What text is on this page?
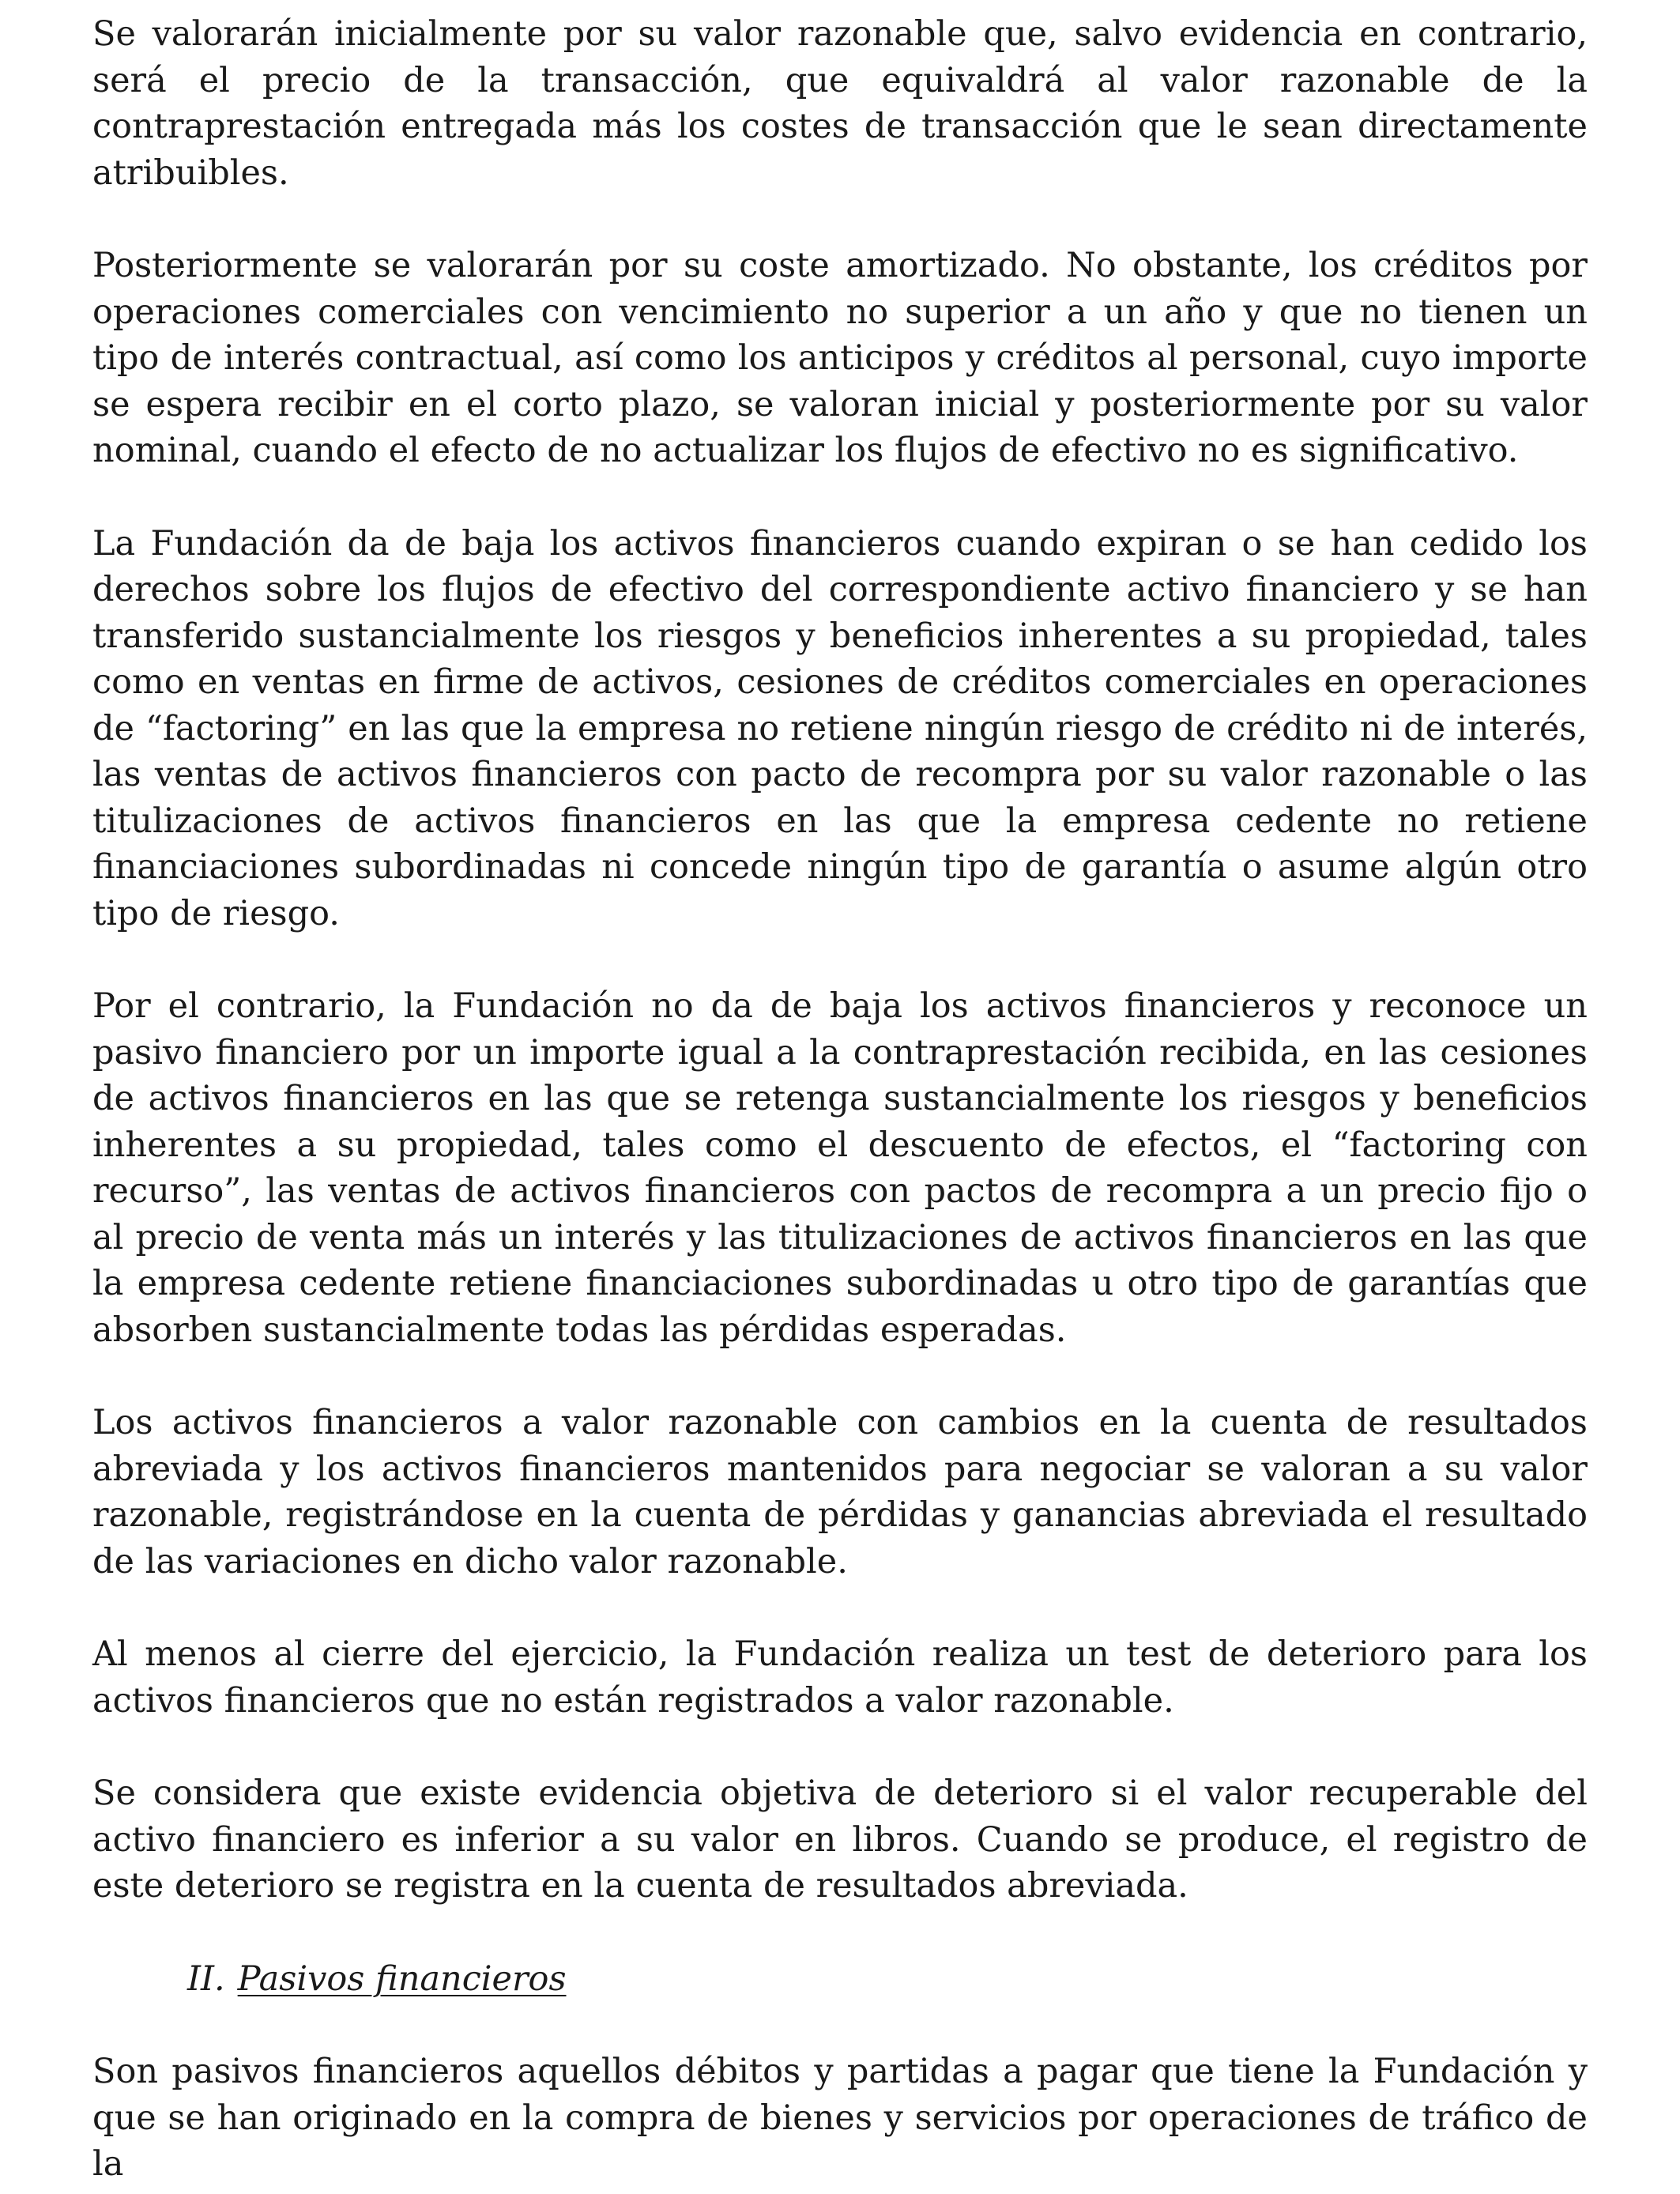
Se valorarán inicialmente por su valor razonable que, salvo evidencia en contrario, será el precio de la transacción, que equivaldrá al valor razonable de la contraprestación entregada más los costes de transacción que le sean directamente atribuibles.

Posteriormente se valorarán por su coste amortizado. No obstante, los créditos por operaciones comerciales con vencimiento no superior a un año y que no tienen un tipo de interés contractual, así como los anticipos y créditos al personal, cuyo importe se espera recibir en el corto plazo, se valoran inicial y posteriormente por su valor nominal, cuando el efecto de no actualizar los flujos de efectivo no es significativo.

La Fundación da de baja los activos financieros cuando expiran o se han cedido los derechos sobre los flujos de efectivo del correspondiente activo financiero y se han transferido sustancialmente los riesgos y beneficios inherentes a su propiedad, tales como en ventas en firme de activos, cesiones de créditos comerciales en operaciones de “factoring” en las que la empresa no retiene ningún riesgo de crédito ni de interés, las ventas de activos financieros con pacto de recompra por su valor razonable o las titulizaciones de activos financieros en las que la empresa cedente no retiene financiaciones subordinadas ni concede ningún tipo de garantía o asume algún otro tipo de riesgo.

Por el contrario, la Fundación no da de baja los activos financieros y reconoce un pasivo financiero por un importe igual a la contraprestación recibida, en las cesiones de activos financieros en las que se retenga sustancialmente los riesgos y beneficios inherentes a su propiedad, tales como el descuento de efectos, el “factoring con recurso”, las ventas de activos financieros con pactos de recompra a un precio fijo o al precio de venta más un interés y las titulizaciones de activos financieros en las que la empresa cedente retiene financiaciones subordinadas u otro tipo de garantías que absorben sustancialmente todas las pérdidas esperadas.

Los activos financieros a valor razonable con cambios en la cuenta de resultados abreviada y los activos financieros mantenidos para negociar se valoran a su valor razonable, registrándose en la cuenta de pérdidas y ganancias abreviada el resultado de las variaciones en dicho valor razonable.

Al menos al cierre del ejercicio, la Fundación realiza un test de deterioro para los activos financieros que no están registrados a valor razonable.

Se considera que existe evidencia objetiva de deterioro si el valor recuperable del activo financiero es inferior a su valor en libros. Cuando se produce, el registro de este deterioro se registra en la cuenta de resultados abreviada.

II. Pasivos financieros

Son pasivos financieros aquellos débitos y partidas a pagar que tiene la Fundación y que se han originado en la compra de bienes y servicios por operaciones de tráfico de la
